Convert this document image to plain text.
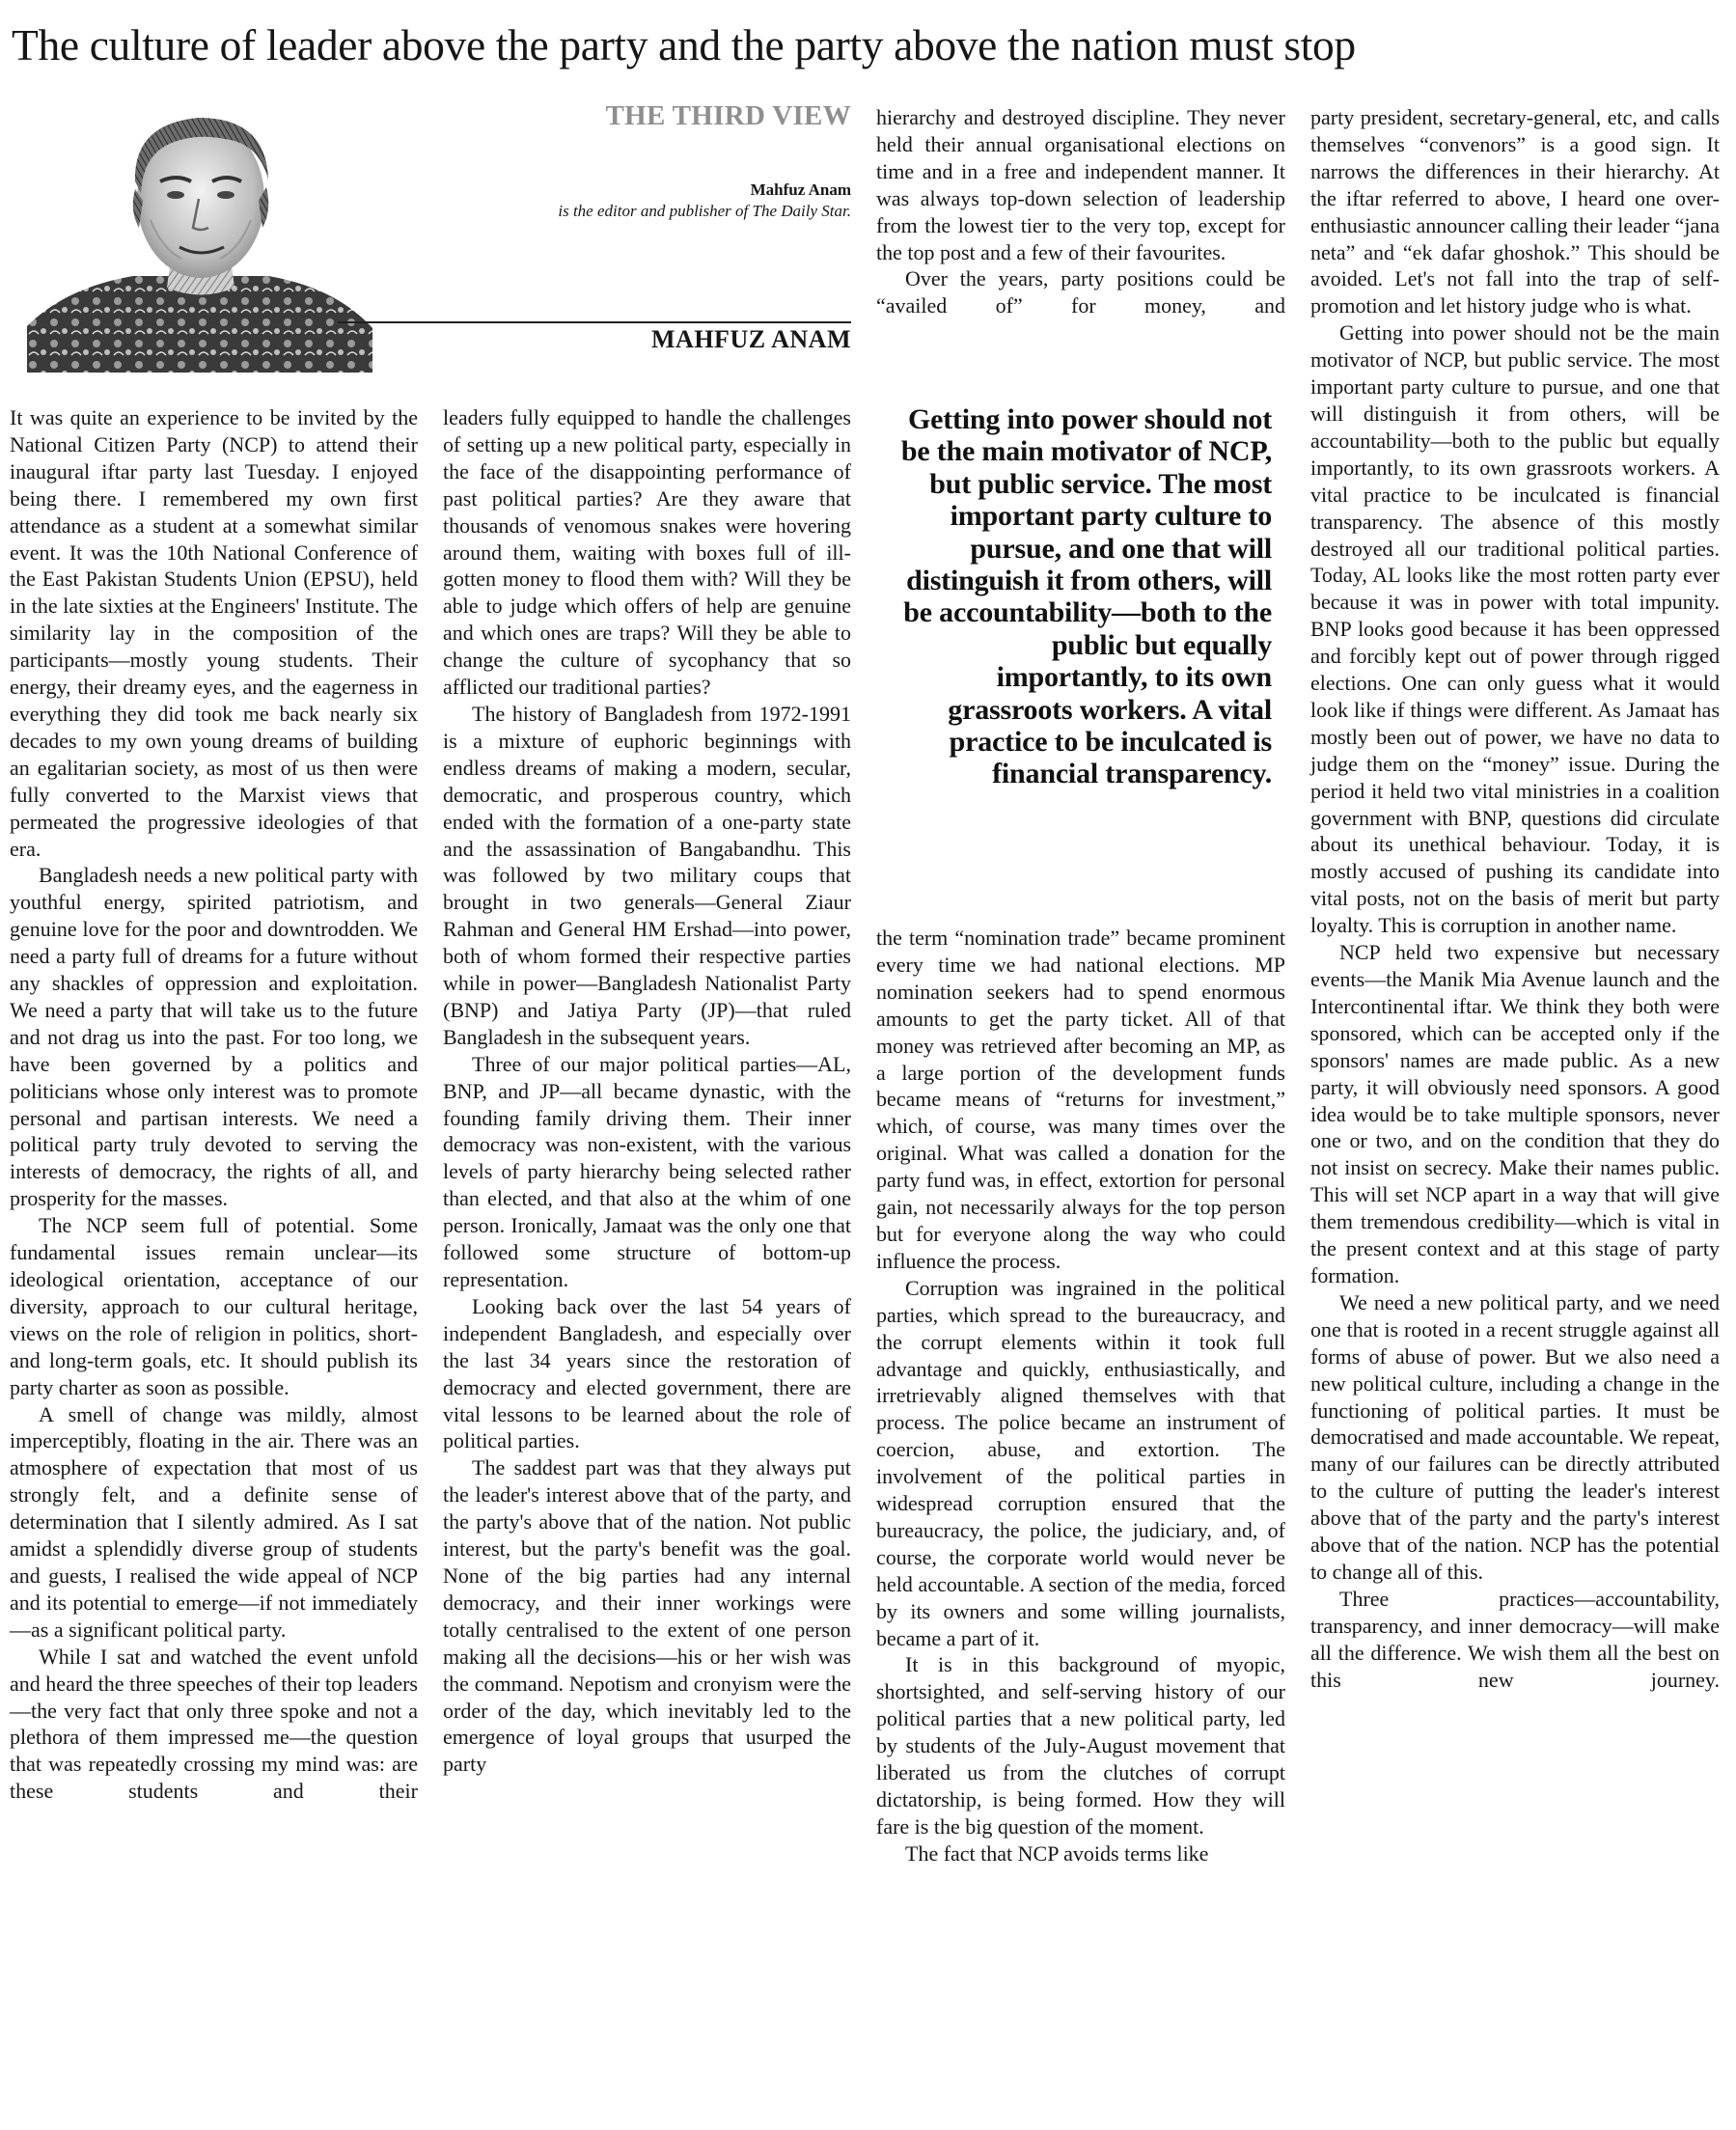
The culture of leader above the party and the party above the nation must stop
THE THIRD VIEW
Mahfuz Anam
is the editor and publisher of The Daily Star.
MAHFUZ ANAM

It was quite an experience to be invited by the National Citizen Party (NCP) to attend their inaugural iftar party last Tuesday. I enjoyed being there. I remembered my own first attendance as a student at a somewhat similar event. It was the 10th National Conference of the East Pakistan Students Union (EPSU), held in the late sixties at the Engineers' Institute. The similarity lay in the composition of the participants—mostly young students. Their energy, their dreamy eyes, and the eagerness in everything they did took me back nearly six decades to my own young dreams of building an egalitarian society, as most of us then were fully converted to the Marxist views that permeated the progressive ideologies of that era.

Bangladesh needs a new political party with youthful energy, spirited patriotism, and genuine love for the poor and downtrodden. We need a party full of dreams for a future without any shackles of oppression and exploitation. We need a party that will take us to the future and not drag us into the past. For too long, we have been governed by a politics and politicians whose only interest was to promote personal and partisan interests. We need a political party truly devoted to serving the interests of democracy, the rights of all, and prosperity for the masses.

The NCP seem full of potential. Some fundamental issues remain unclear—its ideological orientation, acceptance of our diversity, approach to our cultural heritage, views on the role of religion in politics, short- and long-term goals, etc. It should publish its party charter as soon as possible.

A smell of change was mildly, almost imperceptibly, floating in the air. There was an atmosphere of expectation that most of us strongly felt, and a definite sense of determination that I silently admired. As I sat amidst a splendidly diverse group of students and guests, I realised the wide appeal of NCP and its potential to emerge—if not immediately—as a significant political party.

While I sat and watched the event unfold and heard the three speeches of their top leaders—the very fact that only three spoke and not a plethora of them impressed me—the question that was repeatedly crossing my mind was: are these students and their

leaders fully equipped to handle the challenges of setting up a new political party, especially in the face of the disappointing performance of past political parties? Are they aware that thousands of venomous snakes were hovering around them, waiting with boxes full of ill-gotten money to flood them with? Will they be able to judge which offers of help are genuine and which ones are traps? Will they be able to change the culture of sycophancy that so afflicted our traditional parties?

The history of Bangladesh from 1972-1991 is a mixture of euphoric beginnings with endless dreams of making a modern, secular, democratic, and prosperous country, which ended with the formation of a one-party state and the assassination of Bangabandhu. This was followed by two military coups that brought in two generals—General Ziaur Rahman and General HM Ershad—into power, both of whom formed their respective parties while in power—Bangladesh Nationalist Party (BNP) and Jatiya Party (JP)—that ruled Bangladesh in the subsequent years.

Three of our major political parties—AL, BNP, and JP—all became dynastic, with the founding family driving them. Their inner democracy was non-existent, with the various levels of party hierarchy being selected rather than elected, and that also at the whim of one person. Ironically, Jamaat was the only one that followed some structure of bottom-up representation.

Looking back over the last 54 years of independent Bangladesh, and especially over the last 34 years since the restoration of democracy and elected government, there are vital lessons to be learned about the role of political parties.

The saddest part was that they always put the leader's interest above that of the party, and the party's above that of the nation. Not public interest, but the party's benefit was the goal. None of the big parties had any internal democracy, and their inner workings were totally centralised to the extent of one person making all the decisions—his or her wish was the command. Nepotism and cronyism were the order of the day, which inevitably led to the emergence of loyal groups that usurped the party

hierarchy and destroyed discipline. They never held their annual organisational elections on time and in a free and independent manner. It was always top-down selection of leadership from the lowest tier to the very top, except for the top post and a few of their favourites.

Over the years, party positions could be “availed of” for money, and

Getting into power should not be the main motivator of NCP, but public service. The most important party culture to pursue, and one that will distinguish it from others, will be accountability—both to the public but equally importantly, to its own grassroots workers. A vital practice to be inculcated is financial transparency.

the term “nomination trade” became prominent every time we had national elections. MP nomination seekers had to spend enormous amounts to get the party ticket. All of that money was retrieved after becoming an MP, as a large portion of the development funds became means of “returns for investment,” which, of course, was many times over the original. What was called a donation for the party fund was, in effect, extortion for personal gain, not necessarily always for the top person but for everyone along the way who could influence the process.

Corruption was ingrained in the political parties, which spread to the bureaucracy, and the corrupt elements within it took full advantage and quickly, enthusiastically, and irretrievably aligned themselves with that process. The police became an instrument of coercion, abuse, and extortion. The involvement of the political parties in widespread corruption ensured that the bureaucracy, the police, the judiciary, and, of course, the corporate world would never be held accountable. A section of the media, forced by its owners and some willing journalists, became a part of it.

It is in this background of myopic, shortsighted, and self-serving history of our political parties that a new political party, led by students of the July-August movement that liberated us from the clutches of corrupt dictatorship, is being formed. How they will fare is the big question of the moment.

The fact that NCP avoids terms like

party president, secretary-general, etc, and calls themselves “convenors” is a good sign. It narrows the differences in their hierarchy. At the iftar referred to above, I heard one over-enthusiastic announcer calling their leader “jana neta” and “ek dafar ghoshok.” This should be avoided. Let's not fall into the trap of self-promotion and let history judge who is what.

Getting into power should not be the main motivator of NCP, but public service. The most important party culture to pursue, and one that will distinguish it from others, will be accountability—both to the public but equally importantly, to its own grassroots workers. A vital practice to be inculcated is financial transparency. The absence of this mostly destroyed all our traditional political parties. Today, AL looks like the most rotten party ever because it was in power with total impunity. BNP looks good because it has been oppressed and forcibly kept out of power through rigged elections. One can only guess what it would look like if things were different. As Jamaat has mostly been out of power, we have no data to judge them on the “money” issue. During the period it held two vital ministries in a coalition government with BNP, questions did circulate about its unethical behaviour. Today, it is mostly accused of pushing its candidate into vital posts, not on the basis of merit but party loyalty. This is corruption in another name.

NCP held two expensive but necessary events—the Manik Mia Avenue launch and the Intercontinental iftar. We think they both were sponsored, which can be accepted only if the sponsors' names are made public. As a new party, it will obviously need sponsors. A good idea would be to take multiple sponsors, never one or two, and on the condition that they do not insist on secrecy. Make their names public. This will set NCP apart in a way that will give them tremendous credibility—which is vital in the present context and at this stage of party formation.

We need a new political party, and we need one that is rooted in a recent struggle against all forms of abuse of power. But we also need a new political culture, including a change in the functioning of political parties. It must be democratised and made accountable. We repeat, many of our failures can be directly attributed to the culture of putting the leader's interest above that of the party and the party's interest above that of the nation. NCP has the potential to change all of this.

Three practices—accountability, transparency, and inner democracy—will make all the difference. We wish them all the best on this new journey.
